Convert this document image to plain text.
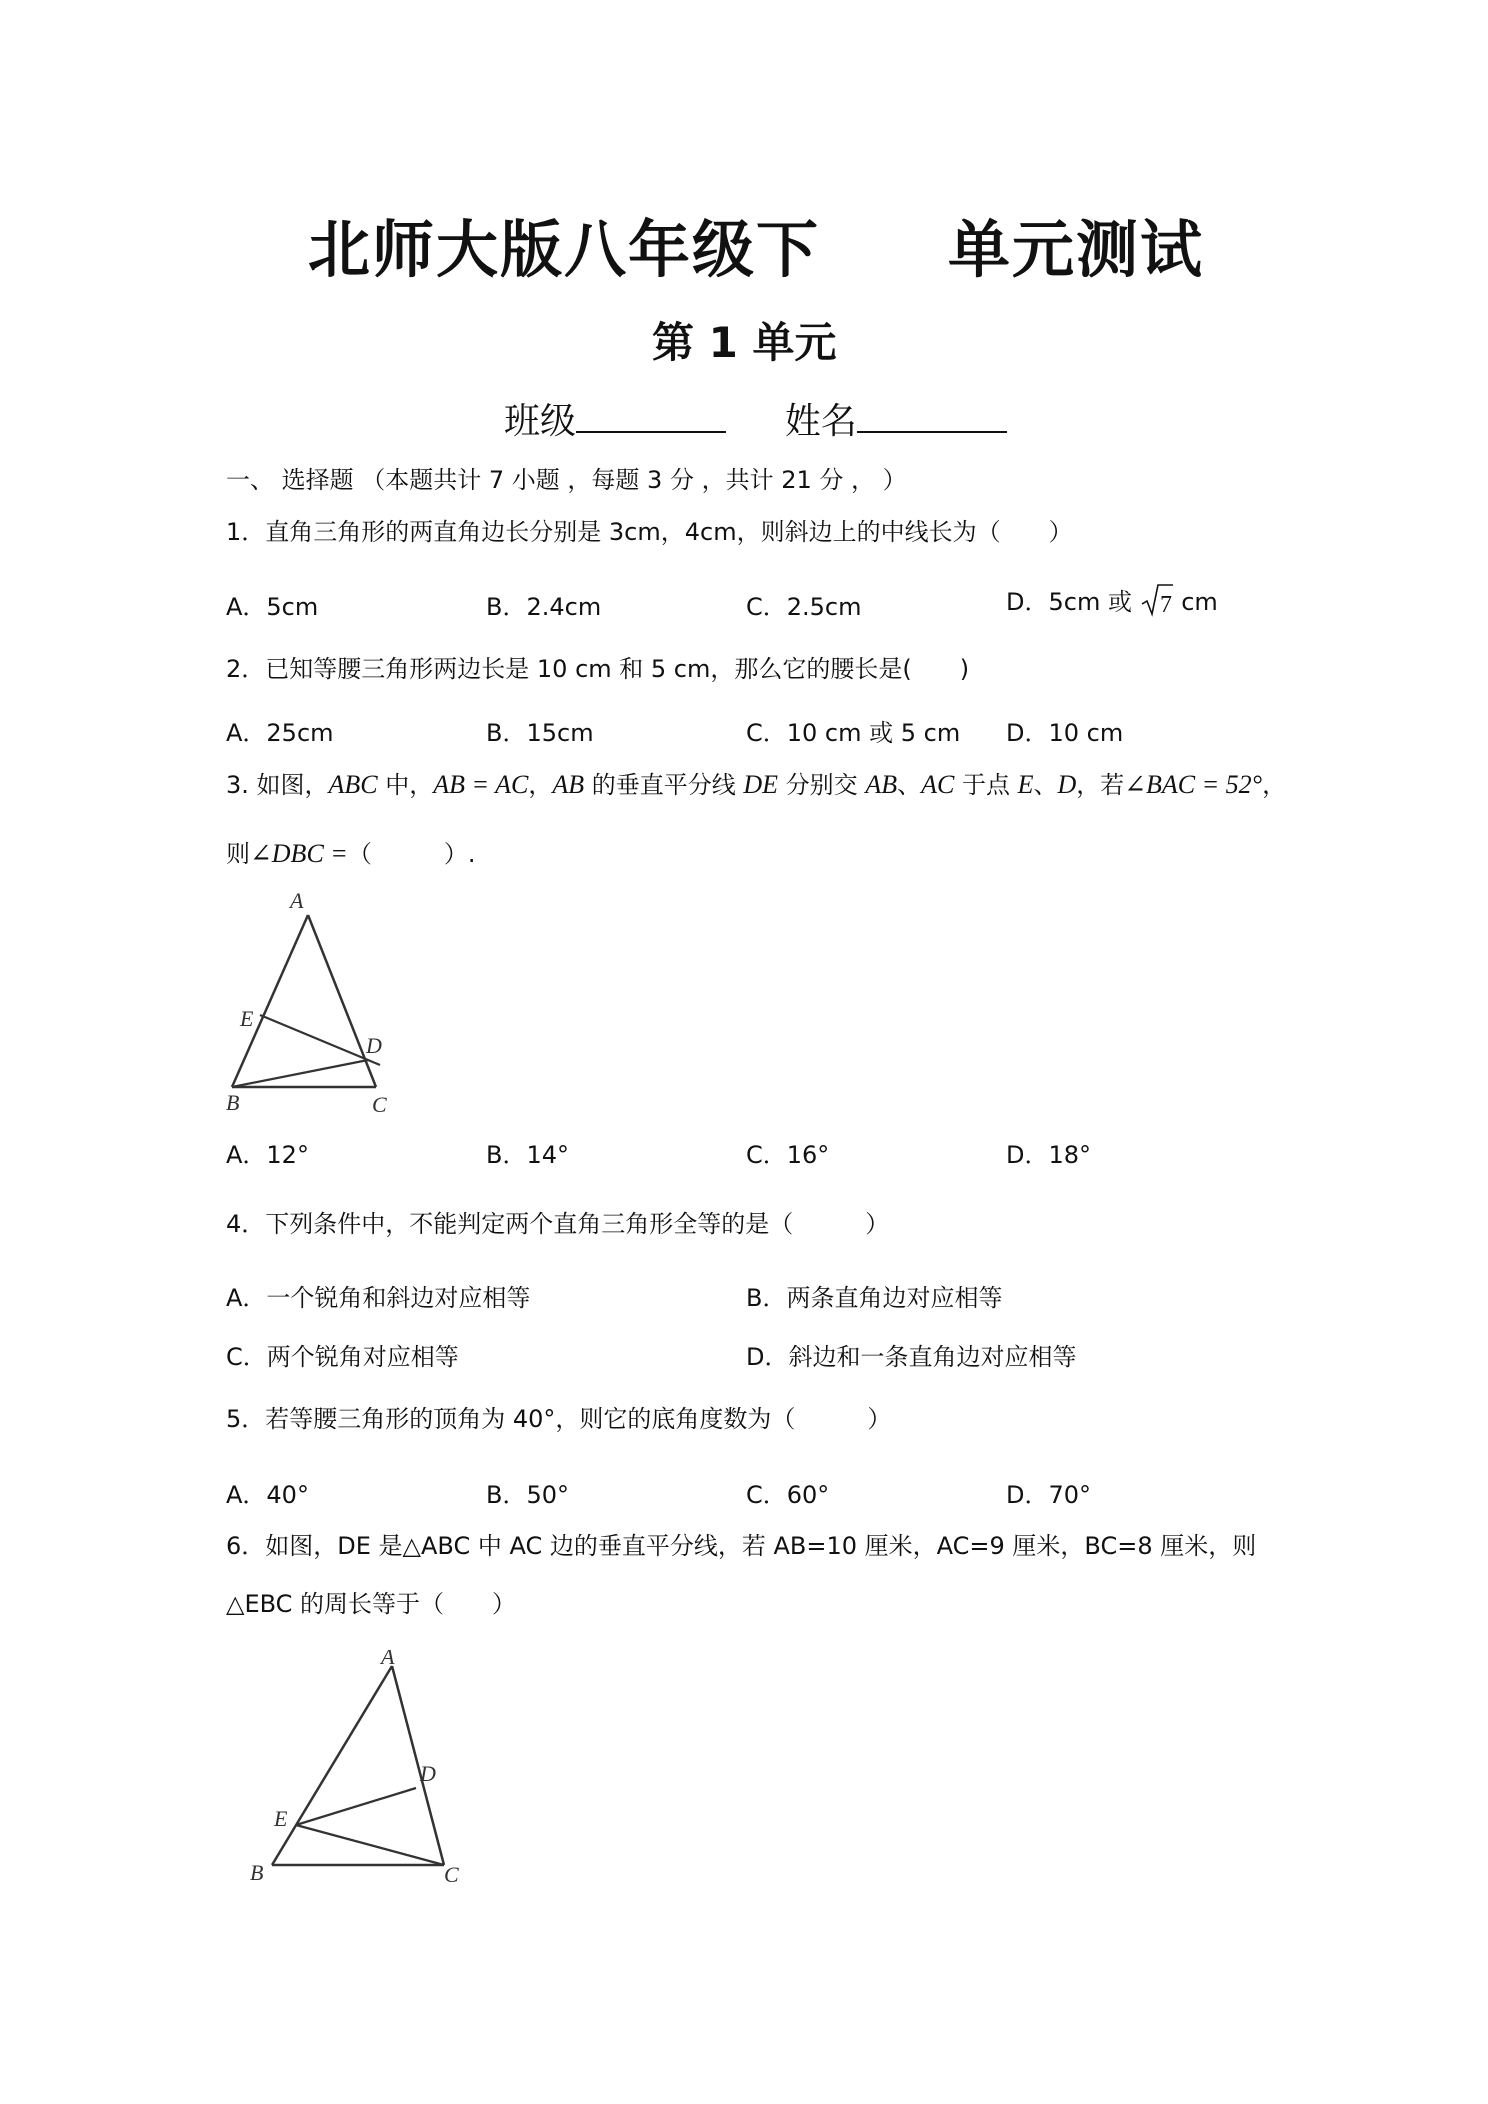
北师大版八年级下　　单元测试
第 1 单元
班级	姓名
一、 选择题 （本题共计 7 小题 ，每题 3 分 ，共计 21 分 ， ）
1．直角三角形的两直角边长分别是 3cm，4cm，则斜边上的中线长为（　　）
A．5cm	B．2.4cm	C．2.5cm	D．5cm 或 7 cm
2．已知等腰三角形两边长是 10 cm 和 5 cm，那么它的腰长是(　　)
A．25cm	B．15cm	C．10 cm 或 5 cm D．10 cm
3. 如图，ABC 中，AB = AC，AB 的垂直平分线 DE 分别交 AB、AC 于点 E、D，若∠BAC = 52°，
则∠DBC =（　　　）.
A
E
D
B	C
A．12°	B．14°	C．16°	D．18°
4．下列条件中，不能判定两个直角三角形全等的是（　　　）
A．一个锐角和斜边对应相等	B．两条直角边对应相等
C．两个锐角对应相等	D．斜边和一条直角边对应相等
5．若等腰三角形的顶角为 40°，则它的底角度数为（　　　）
A．40°	B．50°	C．60°	D．70°
6．如图，DE 是△ABC 中 AC 边的垂直平分线，若 AB=10 厘米，AC=9 厘米，BC=8 厘米，则
△EBC 的周长等于（　　）
A
D
E
B	C
